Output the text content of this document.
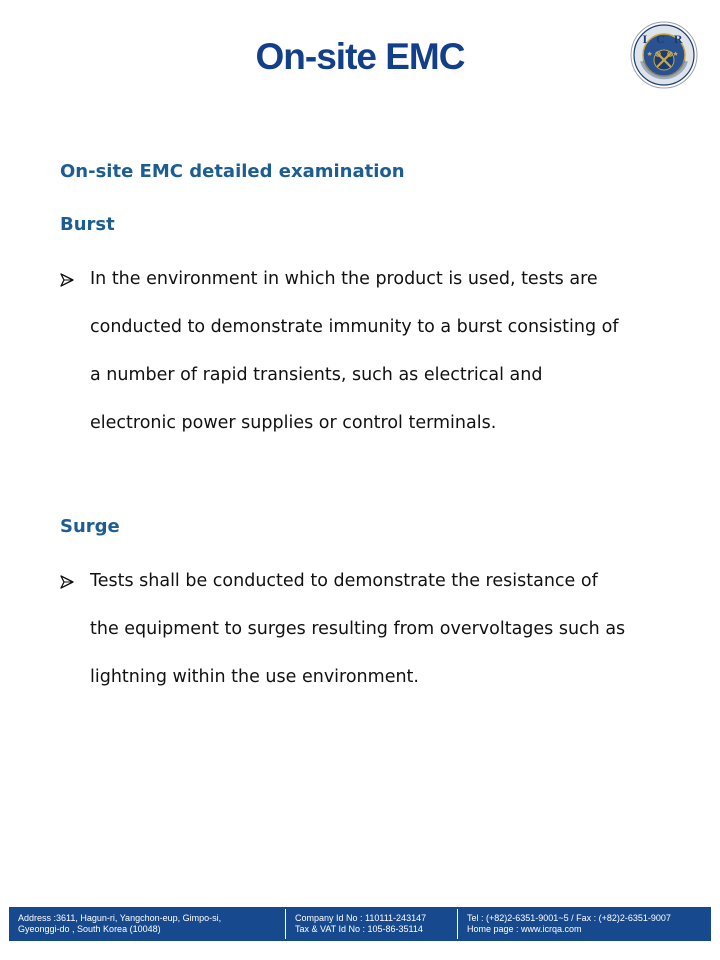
On-site EMC	I C R
On-site EMC detailed examination
Burst
In the environment in which the product is used, tests are
conducted to demonstrate immunity to a burst consisting of
a number of rapid transients, such as electrical and
electronic power supplies or control terminals.
Surge
Tests shall be conducted to demonstrate the resistance of
the equipment to surges resulting from overvoltages such as
lightning within the use environment.
Address :3611, Hagun-ri, Yangchon-eup, Gimpo-si,
Gyeonggi-do , South Korea (10048)
Company Id No : 110111-243147
Tax & VAT Id No : 105-86-35114
Tel : (+82)2-6351-9001~5 / Fax : (+82)2-6351-9007
Home page : www.icrqa.com
